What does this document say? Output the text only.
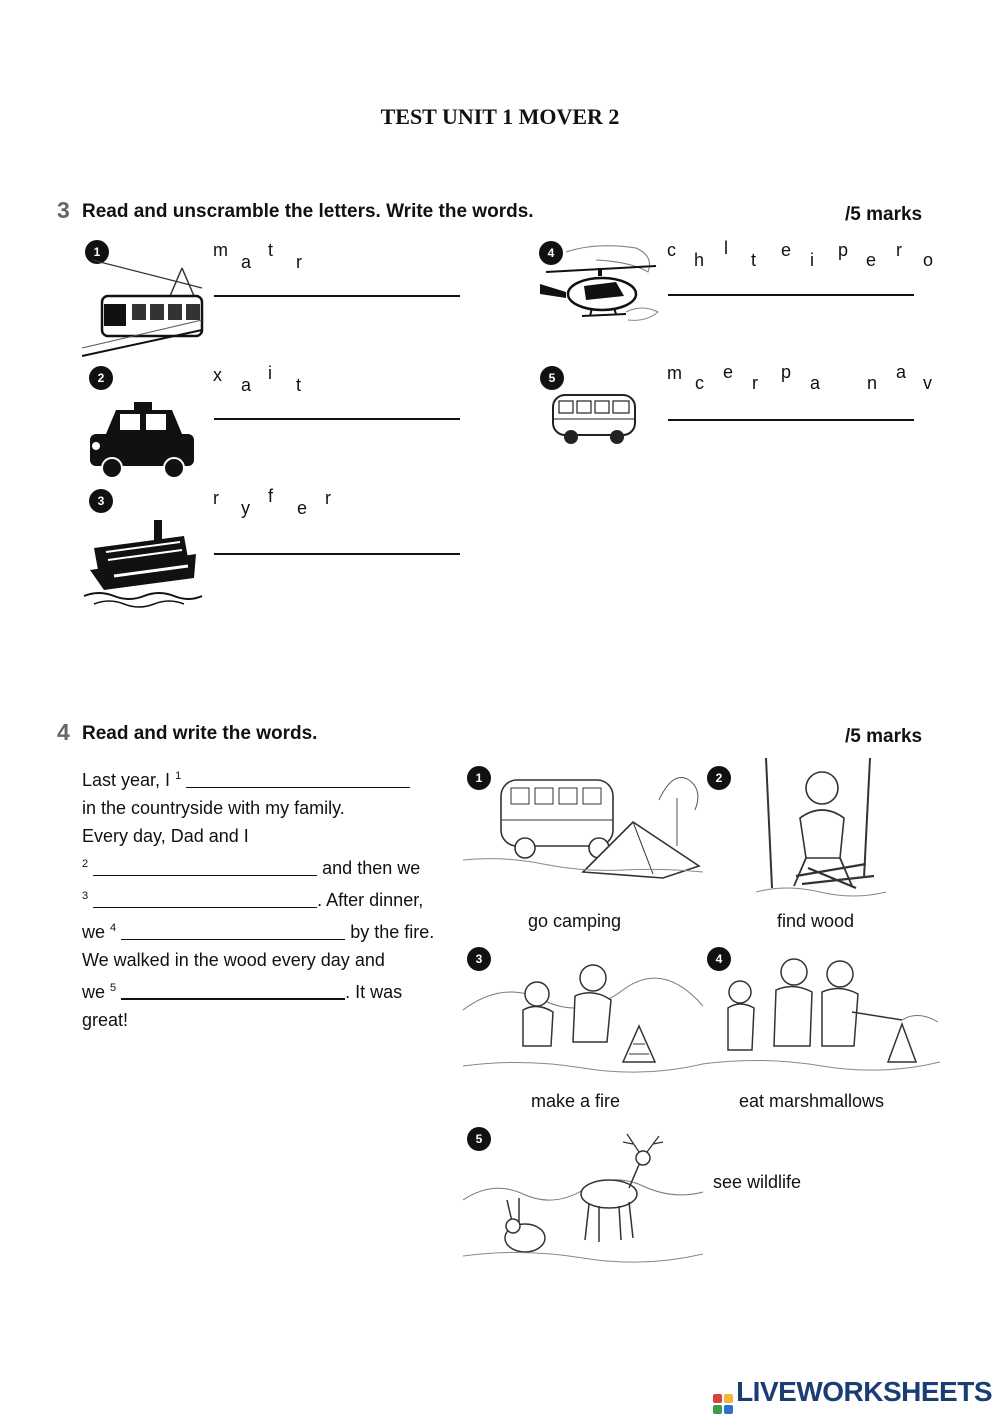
TEST UNIT 1 MOVER 2
3 Read and unscramble the letters. Write the words.	/5 marks
1	m
a
t
r
2	x a
i
t
3	r y
f
e r
4	c h
l
t e i p e r o
5	m c
e
r
p
a	n
a
v
4 Read and write the words.	/5 marks
Last year, I $^1$
in the countryside with my family.
Every day, Dad and I
$^2$	and then we
$^3$	. After dinner,
we $^4$	by the fire.
We walked in the wood every day and
we $^5$	. It was
great!
1
go camping
2
find wood
3
make a fire
4
eat marshmallows
5
see wildlife
LIVEWORKSHEETS
